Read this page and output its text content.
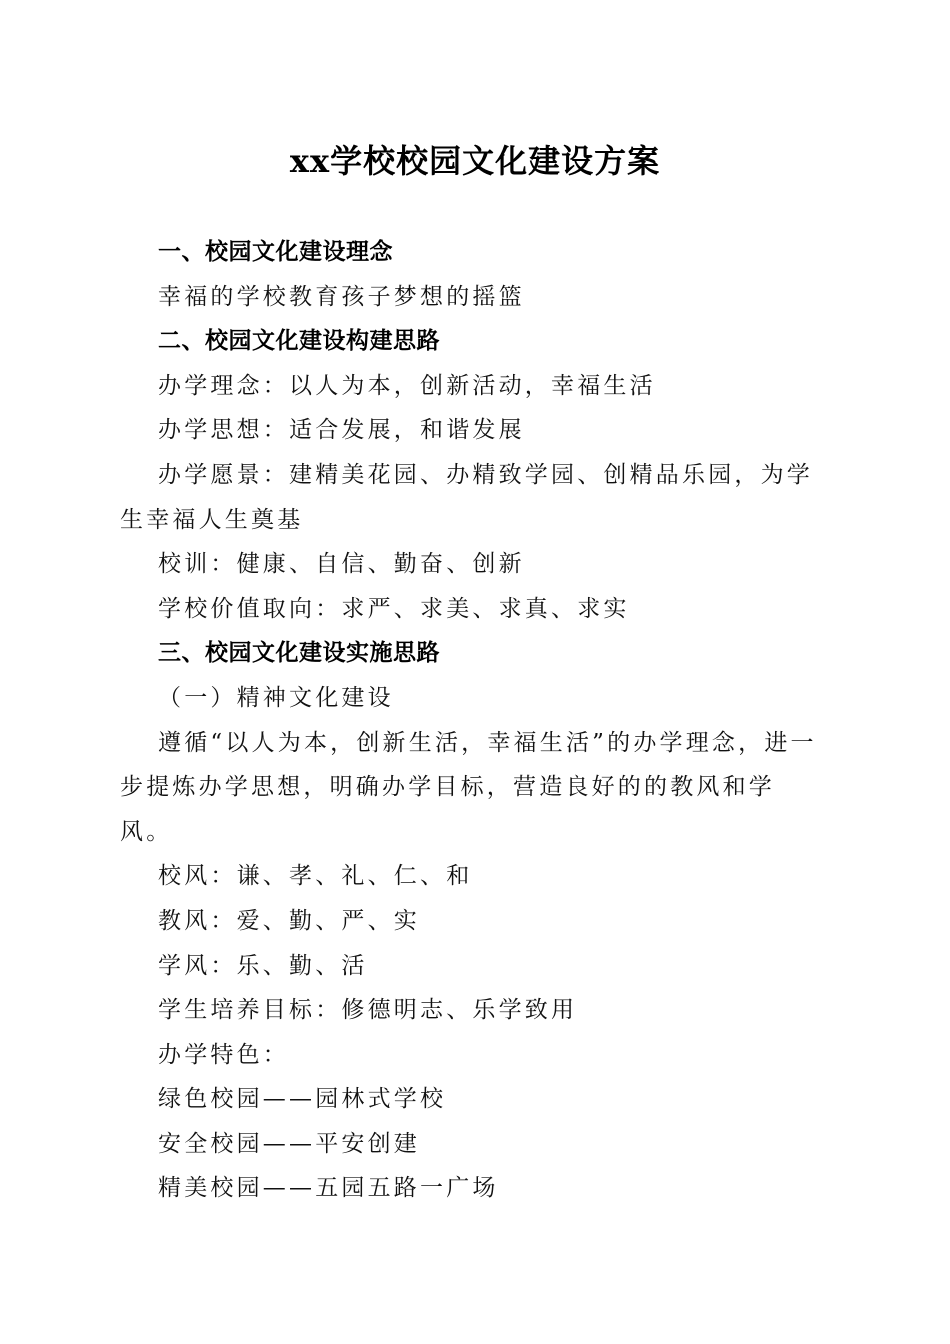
xx学校校园文化建设方案

一、校园文化建设理念

幸福的学校教育孩子梦想的摇篮

二、校园文化建设构建思路

办学理念：以人为本，创新活动，幸福生活

办学思想：适合发展，和谐发展

办学愿景：建精美花园、办精致学园、创精品乐园，为学生幸福人生奠基

校训：健康、自信、勤奋、创新

学校价值取向：求严、求美、求真、求实

三、校园文化建设实施思路

（一）精神文化建设

遵循“以人为本，创新生活，幸福生活”的办学理念，进一步提炼办学思想，明确办学目标，营造良好的的教风和学风。

校风：谦、孝、礼、仁、和

教风：爱、勤、严、实

学风：乐、勤、活

学生培养目标：修德明志、乐学致用

办学特色：

绿色校园——园林式学校

安全校园——平安创建

精美校园——五园五路一广场
